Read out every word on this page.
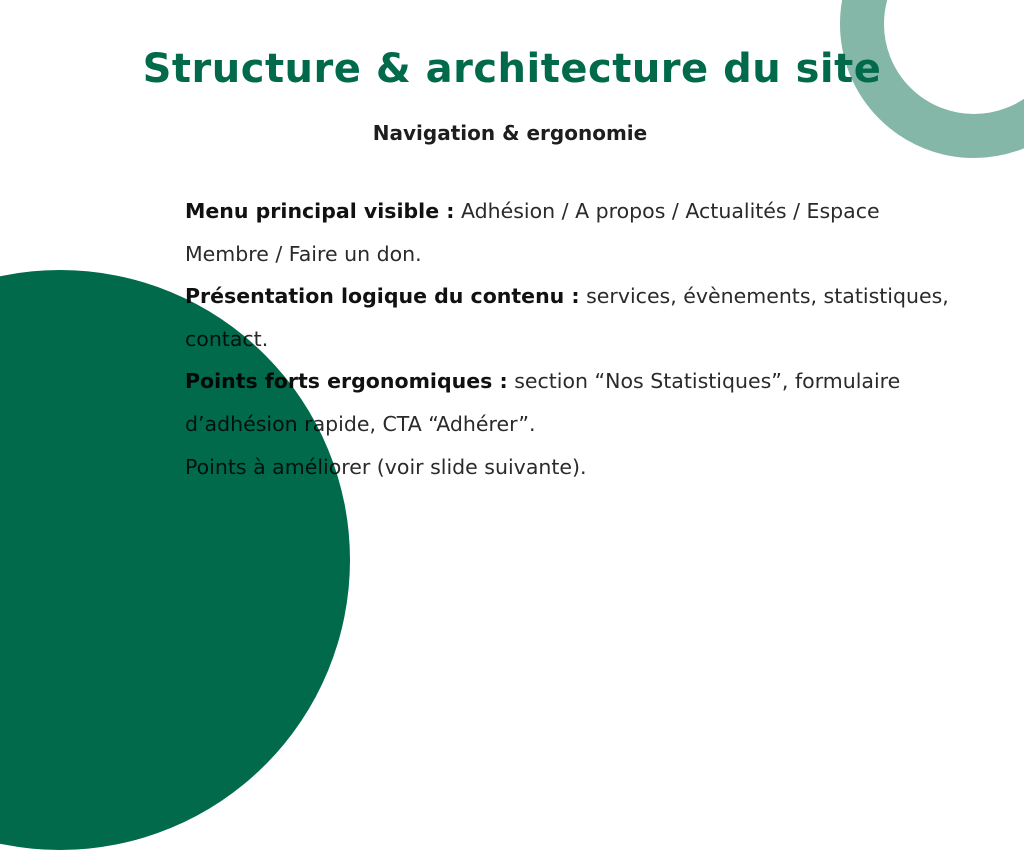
Structure & architecture du site
Navigation & ergonomie

Menu principal visible : Adhésion / A propos / Actualités / Espace Membre / Faire un don.

Présentation logique du contenu : services, évènements, statistiques, contact.

Points forts ergonomiques : section “Nos Statistiques”, formulaire d’adhésion rapide, CTA “Adhérer”.

Points à améliorer (voir slide suivante).
